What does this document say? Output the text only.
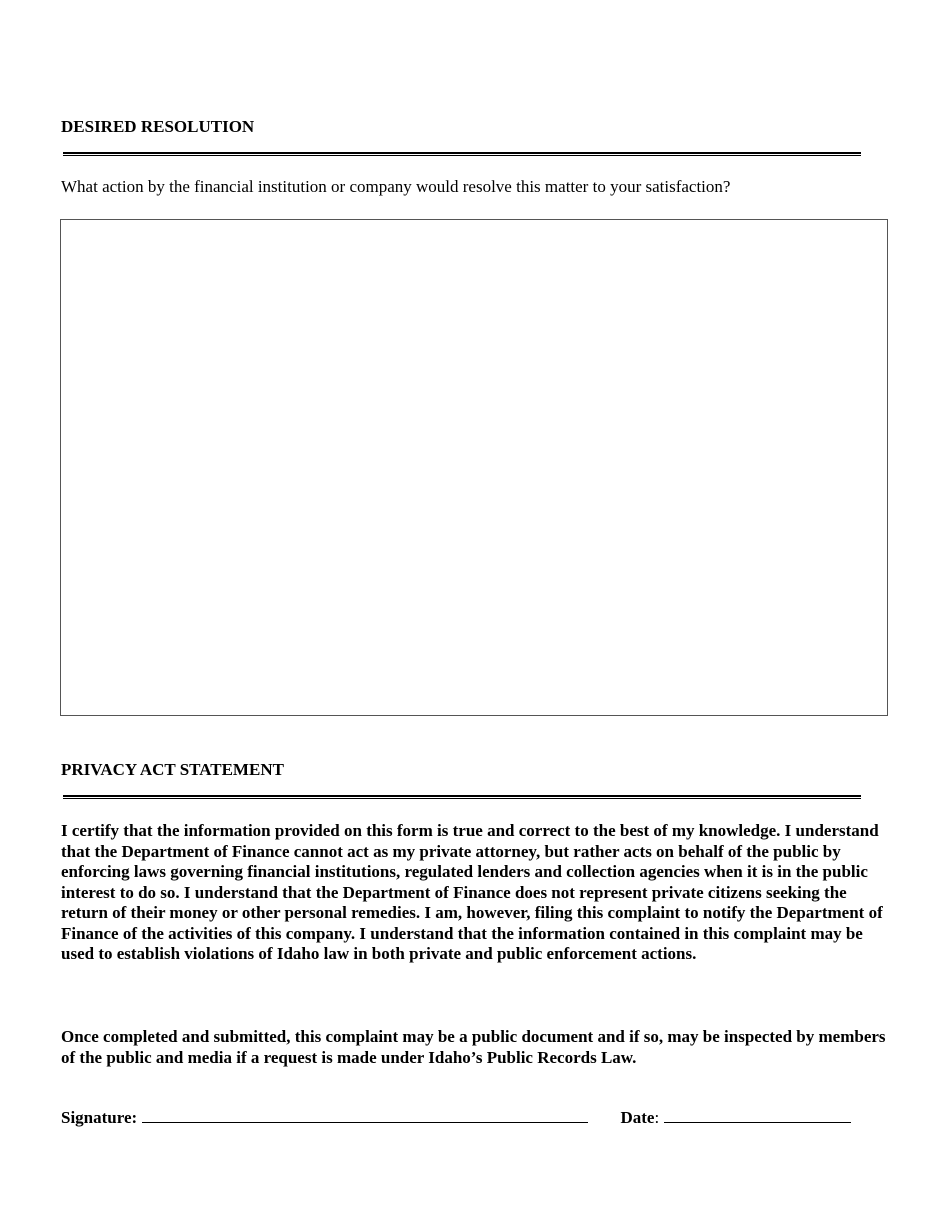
DESIRED RESOLUTION
What action by the financial institution or company would resolve this matter to your satisfaction?
PRIVACY ACT STATEMENT

I certify that the information provided on this form is true and correct to the best of my knowledge. I understand that the Department of Finance cannot act as my private attorney, but rather acts on behalf of the public by enforcing laws governing financial institutions, regulated lenders and collection agencies when it is in the public interest to do so. I understand that the Department of Finance does not represent private citizens seeking the return of their money or other personal remedies. I am, however, filing this complaint to notify the Department of Finance of the activities of this company. I understand that the information contained in this complaint may be used to establish violations of Idaho law in both private and public enforcement actions.

Once completed and submitted, this complaint may be a public document and if so, may be inspected by members of the public and media if a request is made under Idaho’s Public Records Law.

Signature:	Date:
